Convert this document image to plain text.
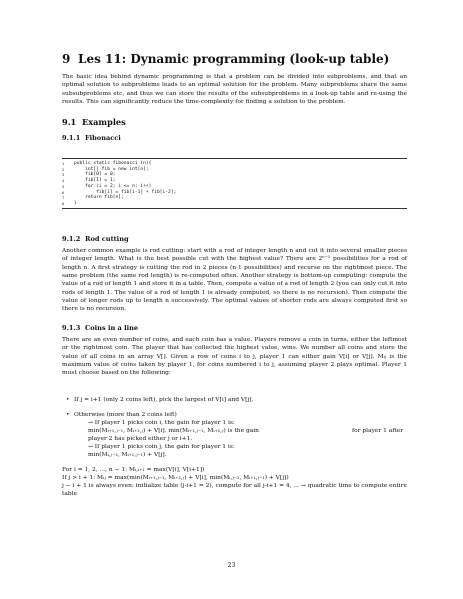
9 Les 11: Dynamic programming (look-up table)

The basic idea behind dynamic programming is that a problem can be divided into subproblems, and that an optimal solution to subproblems leads to an optimal solution for the problem. Many subproblems share the same subsubproblems etc, and thus we can store the results of the subsubproblems in a look-up table and re-using the results. This can significantly reduce the time-complexity for finding a solution to the problem.

9.1 Examples
9.1.1 Fibonacci
1	public static fibonacci (n){
2	int[] fib = new int[n];
3	fib[0] = 0;
4	fib[1] = 1;
5	for (i = 2; i <= n; i++)
6	fib[i] = fib[i-1] + fib[i-2];
7	return fib[n];
8	}
9.1.2 Rod cutting

Another common example is rod cutting: start with a rod of integer length n and cut it into several smaller pieces of integer length. What is the best possible cut with the highest value? There are 2ⁿ⁻¹ possibilities for a rod of length n. A first strategy is cutting the rod in 2 pieces (n-1 possibilities) and recurse on the rightmost piece. The same problem (the same rod length) is re-computed often. Another strategy is bottom-up computing: compute the value of a rod of length 1 and store it in a table. Then, compute a value of a rod of length 2 (you can only cut it into rods of length 1. The value of a rod of length 1 is already computed, so there is no recursion). Then compute the value of longer rods up to length n successively. The optimal values of shorter rods are always computed first so there is no recursion.

9.1.3 Coins in a line

There are an even number of coins, and each coin has a value. Players remove a coin in turns, either the leftmost or the rightmost coin. The player that has collected the highest value, wins. We number all coins and store the value of all coins in an array V[]. Given a row of coins i to j, player 1 can either gain V[i] or V[j]. Mᵢⱼ is the maximum value of coins taken by player 1, for coins numbered i to j, assuming player 2 plays optimal. Player 1 must choose based on the following:

• If j = i+1 (only 2 coins left), pick the largest of V[i] and V[j].
• Otherwise (more than 2 coins left)
→ If player 1 picks coin i, the gain for player 1 is:
min(Mᵢ₊₁,ⱼ₋₁, Mᵢ₊₂,ⱼ) + V[i]. min(Mᵢ₊₁,ⱼ₋₁, Mᵢ₊₂,ⱼ) is the gain	for player 1 after
player 2 has picked either j or i+1.
→ If player 1 picks coin j, the gain for player 1 is:
min(Mᵢ,ⱼ₋₂, Mᵢ₊₁,ⱼ₋₁) + V[j].

For i = 1, 2, ..., n − 1: Mᵢ,ᵢ₊₁ = max(V[i], V[i+1])

If j > i + 1: Mᵢⱼ = max(min(Mᵢ₊₁,ⱼ₋₁, Mᵢ₊₂,ⱼ) + V[i], min(Mᵢ,ⱼ₋₂, Mᵢ₊₁,ⱼ₋₁) + V[j])

j − i + 1 is always even: initialize table (j-i+1 = 2), compute for all j-i+1 = 4, ... → quadratic time to compute entire table

23
